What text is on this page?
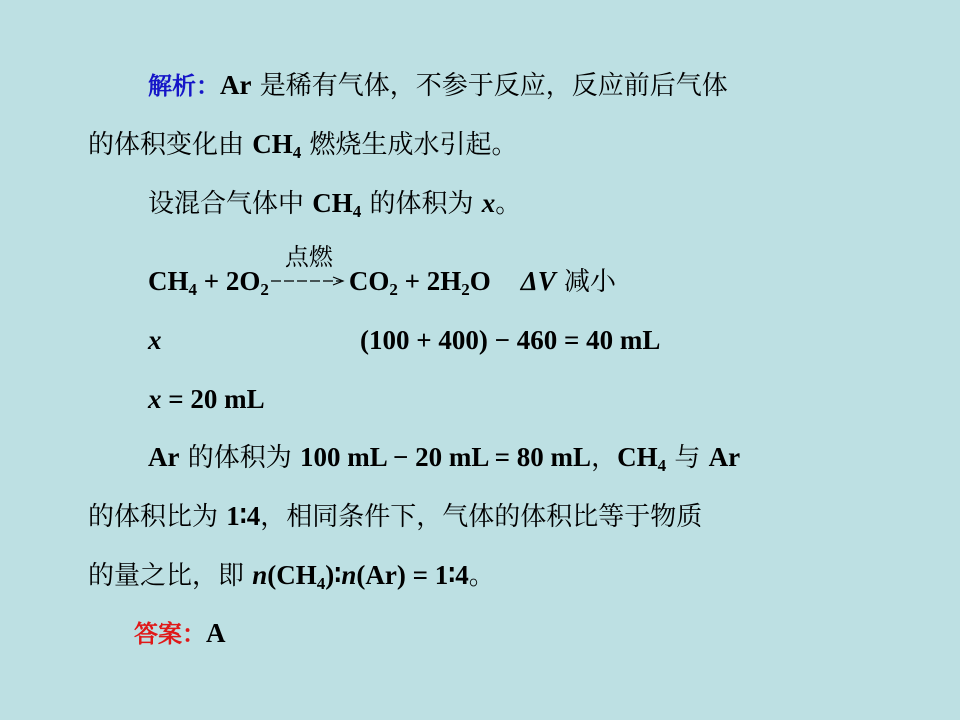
解析：Ar 是稀有气体，不参于反应，反应前后气体
的体积变化由 $CH_4$ 燃烧生成水引起。
设混合气体中 $CH_4$ 的体积为 x。
$CH_4 + 2O_2$
点燃
$CO_2 + 2H_2O$ ΔV 减小
x	(100 + 400) − 460 = 40 mL
x = 20 mL
Ar 的体积为 100 mL − 20 mL = 80 mL，$CH_4$ 与 Ar
的体积比为 1∶4，相同条件下，气体的体积比等于物质
的量之比，即 $n(CH_4)∶n(Ar)$ = 1∶4。
答案：A
